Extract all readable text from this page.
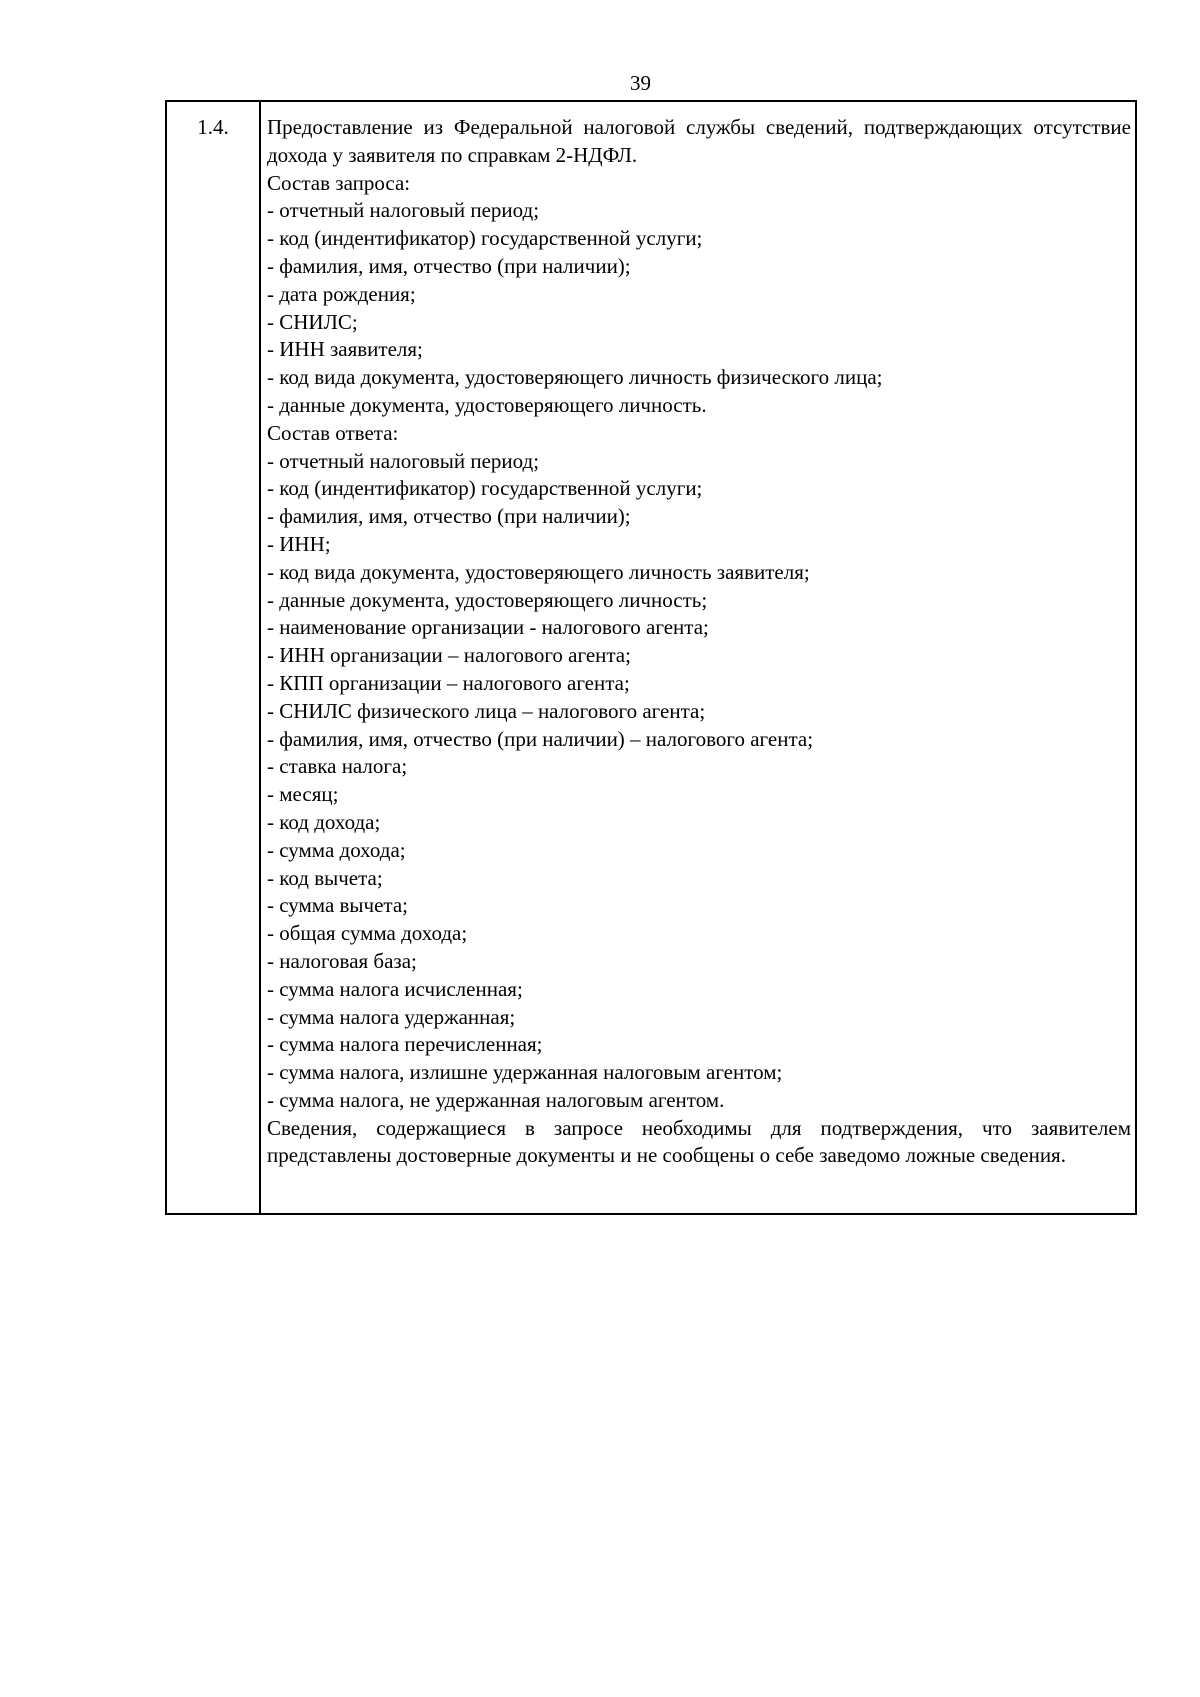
39
1.4.	Предоставление из Федеральной налоговой службы сведений, подтверждающих отсутствие дохода у заявителя по справкам 2-НДФЛ.

Состав запроса:

- отчетный налоговый период;

- код (индентификатор) государственной услуги;

- фамилия, имя, отчество (при наличии);

- дата рождения;

- СНИЛС;

- ИНН заявителя;

- код вида документа, удостоверяющего личность физического лица;

- данные документа, удостоверяющего личность.

Состав ответа:

- отчетный налоговый период;

- код (индентификатор) государственной услуги;

- фамилия, имя, отчество (при наличии);

- ИНН;

- код вида документа, удостоверяющего личность заявителя;

- данные документа, удостоверяющего личность;

- наименование организации - налогового агента;

- ИНН организации – налогового агента;

- КПП организации – налогового агента;

- СНИЛС физического лица – налогового агента;

- фамилия, имя, отчество (при наличии) – налогового агента;

- ставка налога;

- месяц;

- код дохода;

- сумма дохода;

- код вычета;

- сумма вычета;

- общая сумма дохода;

- налоговая база;

- сумма налога исчисленная;

- сумма налога удержанная;

- сумма налога перечисленная;

- сумма налога, излишне удержанная налоговым агентом;

- сумма налога, не удержанная налоговым агентом.

Сведения, содержащиеся в запросе необходимы для подтверждения, что заявителем представлены достоверные документы и не сообщены о себе заведомо ложные сведения.
